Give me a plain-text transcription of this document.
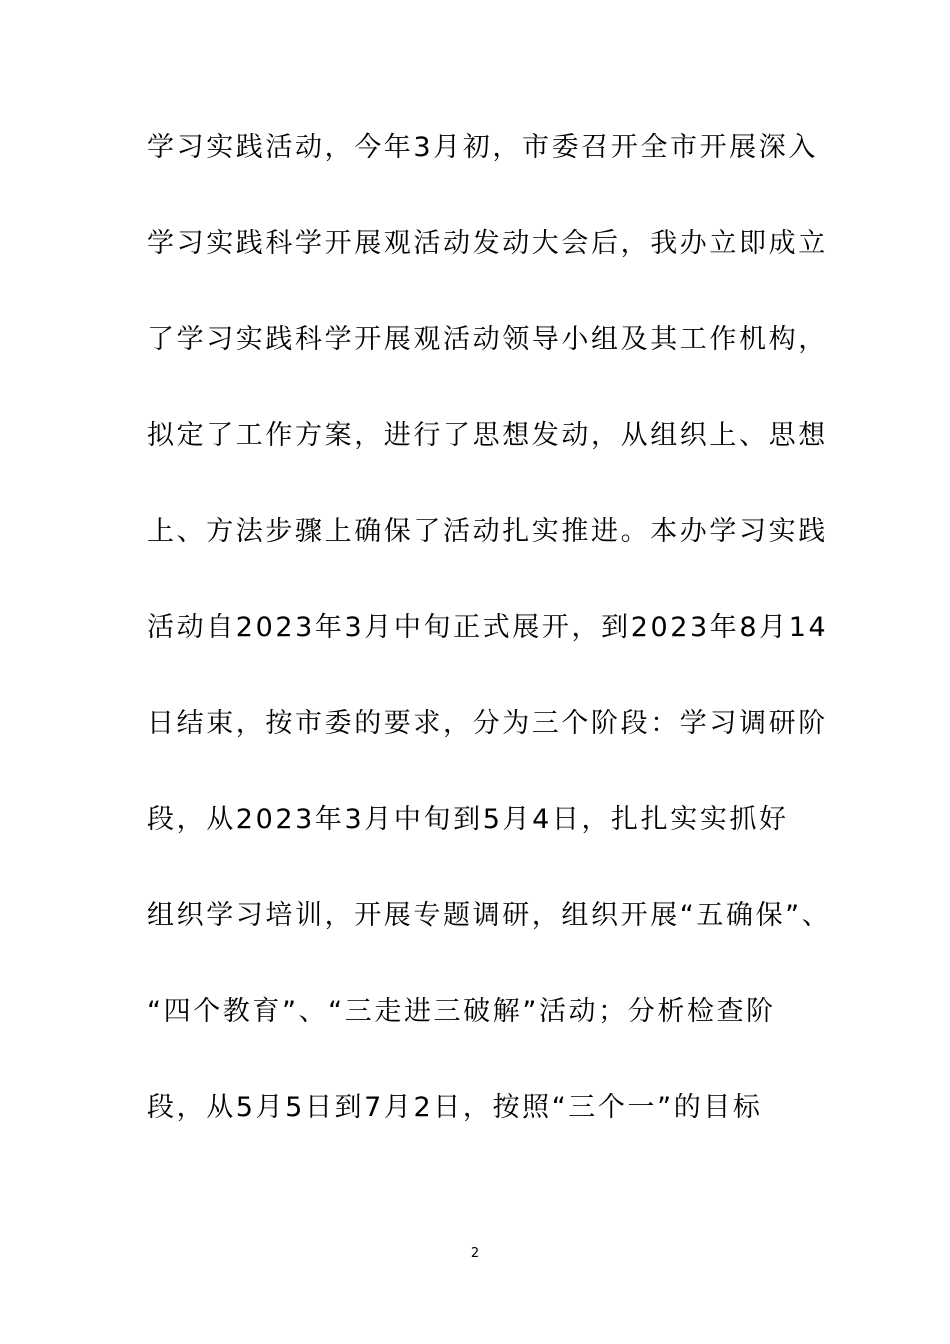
学习实践活动，今年3月初，市委召开全市开展深入
学习实践科学开展观活动发动大会后，我办立即成立
了学习实践科学开展观活动领导小组及其工作机构，
拟定了工作方案，进行了思想发动，从组织上、思想
上、方法步骤上确保了活动扎实推进。本办学习实践
活动自2023年3月中旬正式展开，到2023年8月14
日结束，按市委的要求，分为三个阶段：学习调研阶
段，从2023年3月中旬到5月4日，扎扎实实抓好
组织学习培训，开展专题调研，组织开展“五确保”、
“四个教育”、“三走进三破解”活动；分析检查阶
段，从5月5日到7月2日，按照“三个一”的目标
2
